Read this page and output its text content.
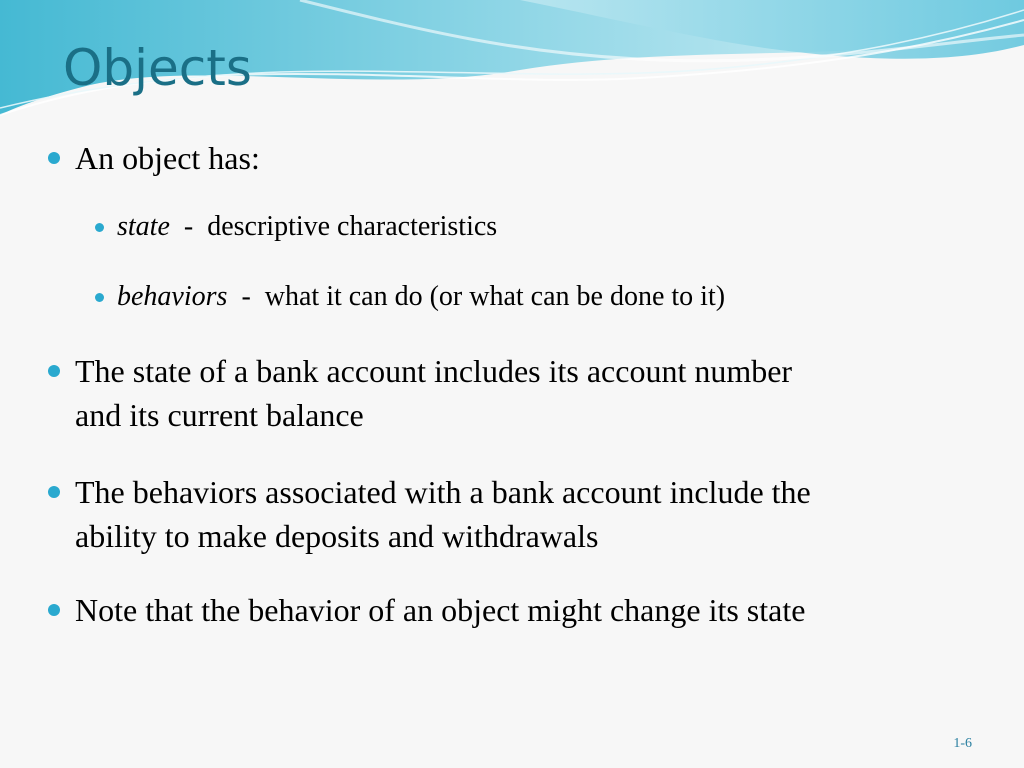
Objects
An object has:
state  -  descriptive characteristics
behaviors  -  what it can do (or what can be done to it)
The state of a bank account includes its account number
and its current balance
The behaviors associated with a bank account include the
ability to make deposits and withdrawals
Note that the behavior of an object might change its state
1-6
